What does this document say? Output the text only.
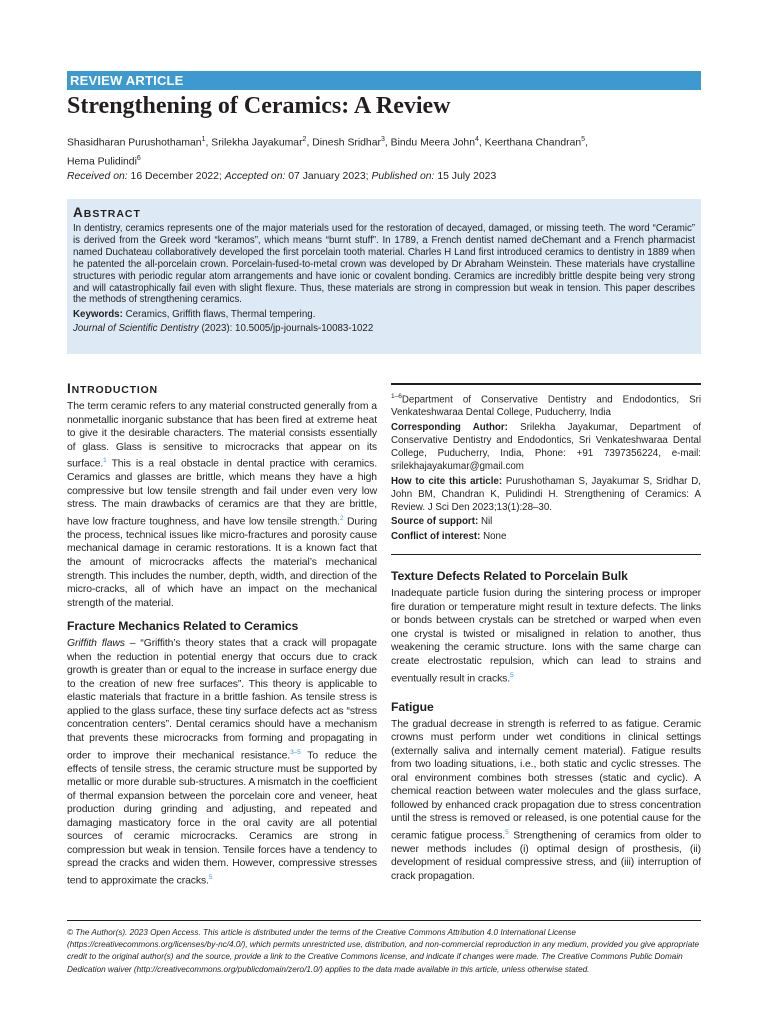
REVIEW ARTICLE
Strengthening of Ceramics: A Review
Shasidharan Purushothaman$^1$, Srilekha Jayakumar$^2$, Dinesh Sridhar$^3$, Bindu Meera John$^4$, Keerthana Chandran$^5$,
Hema Pulidindi$^6$
Received on: 16 December 2022; Accepted on: 07 January 2023; Published on: 15 July 2023
ABSTRACT

In dentistry, ceramics represents one of the major materials used for the restoration of decayed, damaged, or missing teeth. The word “Ceramic” is derived from the Greek word “keramos”, which means “burnt stuff”. In 1789, a French dentist named deChemant and a French pharmacist named Duchateau collaboratively developed the first porcelain tooth material. Charles H Land first introduced ceramics to dentistry in 1889 when he patented the all-porcelain crown. Porcelain-fused-to-metal crown was developed by Dr Abraham Weinstein. These materials have crystalline structures with periodic regular atom arrangements and have ionic or covalent bonding. Ceramics are incredibly brittle despite being very strong and will catastrophically fail even with slight flexure. Thus, these materials are strong in compression but weak in tension. This paper describes the methods of strengthening ceramics.

Keywords: Ceramics, Griffith flaws, Thermal tempering.

Journal of Scientific Dentistry (2023): 10.5005/jp-journals-10083-1022

INTRODUCTION

The term ceramic refers to any material constructed generally from a nonmetallic inorganic substance that has been fired at extreme heat to give it the desirable characters. The material consists essentially of glass. Glass is sensitive to microcracks that appear on its surface.$^1$ This is a real obstacle in dental practice with ceramics. Ceramics and glasses are brittle, which means they have a high compressive but low tensile strength and fail under even very low stress. The main drawbacks of ceramics are that they are brittle, have low fracture toughness, and have low tensile strength.$^2$ During the process, technical issues like micro-fractures and porosity cause mechanical damage in ceramic restorations. It is a known fact that the amount of microcracks affects the material’s mechanical strength. This includes the number, depth, width, and direction of the micro-cracks, all of which have an impact on the mechanical strength of the material.

Fracture Mechanics Related to Ceramics

Griffith flaws – “Griffith’s theory states that a crack will propagate when the reduction in potential energy that occurs due to crack growth is greater than or equal to the increase in surface energy due to the creation of new free surfaces”. This theory is applicable to elastic materials that fracture in a brittle fashion. As tensile stress is applied to the glass surface, these tiny surface defects act as “stress concentration centers”. Dental ceramics should have a mechanism that prevents these microcracks from forming and propagating in order to improve their mechanical resistance.$^{3-5}$ To reduce the effects of tensile stress, the ceramic structure must be supported by metallic or more durable sub-structures. A mismatch in the coefficient of thermal expansion between the porcelain core and veneer, heat production during grinding and adjusting, and repeated and damaging masticatory force in the oral cavity are all potential sources of ceramic microcracks. Ceramics are strong in compression but weak in tension. Tensile forces have a tendency to spread the cracks and widen them. However, compressive stresses tend to approximate the cracks.$^5$

$^{1-6}$Department of Conservative Dentistry and Endodontics, Sri Venkateshwaraa Dental College, Puducherry, India

Corresponding Author: Srilekha Jayakumar, Department of Conservative Dentistry and Endodontics, Sri Venkateshwaraa Dental College, Puducherry, India, Phone: +91 7397356224, e-mail: srilekhajayakumar@gmail.com

How to cite this article: Purushothaman S, Jayakumar S, Sridhar D, John BM, Chandran K, Pulidindi H. Strengthening of Ceramics: A Review. J Sci Den 2023;13(1):28–30.

Source of support: Nil

Conflict of interest: None

Texture Defects Related to Porcelain Bulk

Inadequate particle fusion during the sintering process or improper fire duration or temperature might result in texture defects. The links or bonds between crystals can be stretched or warped when even one crystal is twisted or misaligned in relation to another, thus weakening the ceramic structure. Ions with the same charge can create electrostatic repulsion, which can lead to strains and eventually result in cracks.$^5$

Fatigue

The gradual decrease in strength is referred to as fatigue. Ceramic crowns must perform under wet conditions in clinical settings (externally saliva and internally cement material). Fatigue results from two loading situations, i.e., both static and cyclic stresses. The oral environment combines both stresses (static and cyclic). A chemical reaction between water molecules and the glass surface, followed by enhanced crack propagation due to stress concentration until the stress is removed or released, is one potential cause for the ceramic fatigue process.$^5$ Strengthening of ceramics from older to newer methods includes (i) optimal design of prosthesis, (ii) development of residual compressive stress, and (iii) interruption of crack propagation.

© The Author(s). 2023 Open Access. This article is distributed under the terms of the Creative Commons Attribution 4.0 International License (https://creativecommons.org/licenses/by-nc/4.0/), which permits unrestricted use, distribution, and non-commercial reproduction in any medium, provided you give appropriate credit to the original author(s) and the source, provide a link to the Creative Commons license, and indicate if changes were made. The Creative Commons Public Domain Dedication waiver (http://creativecommons.org/publicdomain/zero/1.0/) applies to the data made available in this article, unless otherwise stated.
